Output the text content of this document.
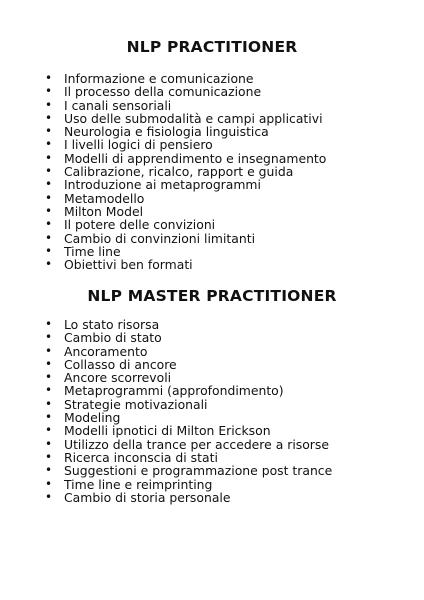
NLP PRACTITIONER
• Informazione e comunicazione
• Il processo della comunicazione
• I canali sensoriali
• Uso delle submodalità e campi applicativi
• Neurologia e fisiologia linguistica
• I livelli logici di pensiero
• Modelli di apprendimento e insegnamento
• Calibrazione, ricalco, rapport e guida
• Introduzione ai metaprogrammi
• Metamodello
• Milton Model
• Il potere delle convizioni
• Cambio di convinzioni limitanti
• Time line
• Obiettivi ben formati
NLP MASTER PRACTITIONER
• Lo stato risorsa
• Cambio di stato
• Ancoramento
• Collasso di ancore
• Ancore scorrevoli
• Metaprogrammi (approfondimento)
• Strategie motivazionali
• Modeling
• Modelli ipnotici di Milton Erickson
• Utilizzo della trance per accedere a risorse
• Ricerca inconscia di stati
• Suggestioni e programmazione post trance
• Time line e reimprinting
• Cambio di storia personale
